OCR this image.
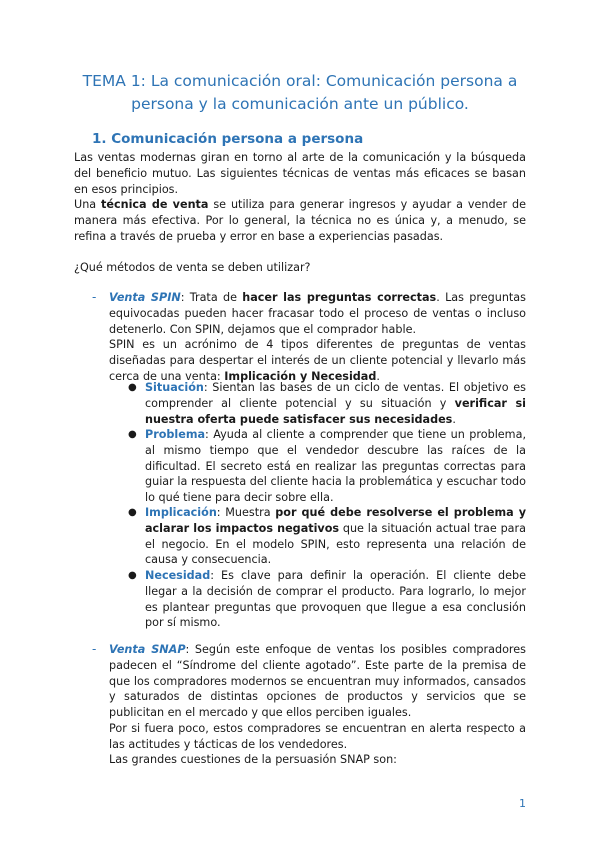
TEMA 1: La comunicación oral: Comunicación persona a persona y la comunicación ante un público.
1. Comunicación persona a persona
Las ventas modernas giran en torno al arte de la comunicación y la búsqueda del beneficio mutuo. Las siguientes técnicas de ventas más eficaces se basan en esos principios.
Una técnica de venta se utiliza para generar ingresos y ayudar a vender de manera más efectiva. Por lo general, la técnica no es única y, a menudo, se refina a través de prueba y error en base a experiencias pasadas.
¿Qué métodos de venta se deben utilizar?
- Venta SPIN: Trata de hacer las preguntas correctas. Las preguntas equivocadas pueden hacer fracasar todo el proceso de ventas o incluso detenerlo. Con SPIN, dejamos que el comprador hable.
SPIN es un acrónimo de 4 tipos diferentes de preguntas de ventas diseñadas para despertar el interés de un cliente potencial y llevarlo más cerca de una venta: Implicación y Necesidad.
● Situación: Sientan las bases de un ciclo de ventas. El objetivo es comprender al cliente potencial y su situación y verificar si nuestra oferta puede satisfacer sus necesidades.
● Problema: Ayuda al cliente a comprender que tiene un problema, al mismo tiempo que el vendedor descubre las raíces de la dificultad. El secreto está en realizar las preguntas correctas para guiar la respuesta del cliente hacia la problemática y escuchar todo lo qué tiene para decir sobre ella.
● Implicación: Muestra por qué debe resolverse el problema y aclarar los impactos negativos que la situación actual trae para el negocio. En el modelo SPIN, esto representa una relación de causa y consecuencia.
● Necesidad: Es clave para definir la operación. El cliente debe llegar a la decisión de comprar el producto. Para lograrlo, lo mejor es plantear preguntas que provoquen que llegue a esa conclusión por sí mismo.
- Venta SNAP: Según este enfoque de ventas los posibles compradores padecen el “Síndrome del cliente agotado”. Este parte de la premisa de que los compradores modernos se encuentran muy informados, cansados y saturados de distintas opciones de productos y servicios que se publicitan en el mercado y que ellos perciben iguales.
Por si fuera poco, estos compradores se encuentran en alerta respecto a las actitudes y tácticas de los vendedores.
Las grandes cuestiones de la persuasión SNAP son:
1
